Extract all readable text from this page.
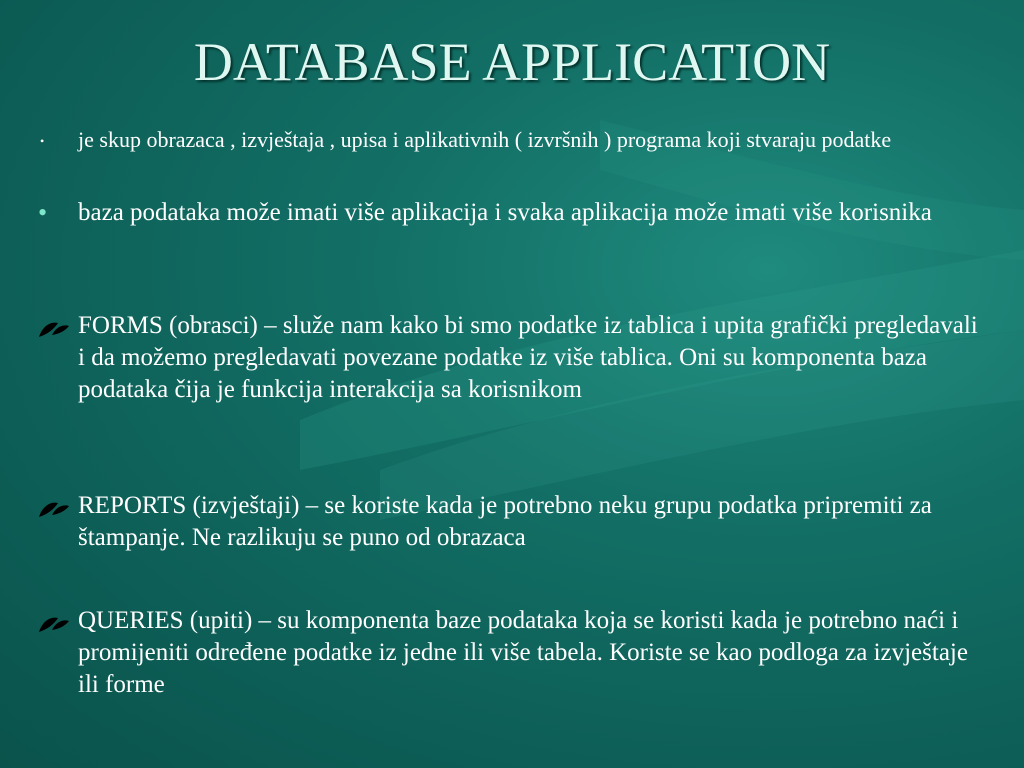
DATABASE APPLICATION
• je skup obrazaca , izvještaja , upisa i aplikativnih ( izvršnih ) programa koji stvaraju podatke

• baza podataka može imati više aplikacija i svaka aplikacija može imati više korisnika

FORMS (obrasci) – služe nam kako bi smo podatke iz tablica i upita grafički pregledavali i da možemo pregledavati povezane podatke iz više tablica. Oni su komponenta baza podataka čija je funkcija interakcija sa korisnikom

REPORTS (izvještaji) – se koriste kada je potrebno neku grupu podatka pripremiti za štampanje. Ne razlikuju se puno od obrazaca

QUERIES (upiti) – su komponenta baze podataka koja se koristi kada je potrebno naći i promijeniti određene podatke iz jedne ili više tabela. Koriste se kao podloga za izvještaje ili forme
